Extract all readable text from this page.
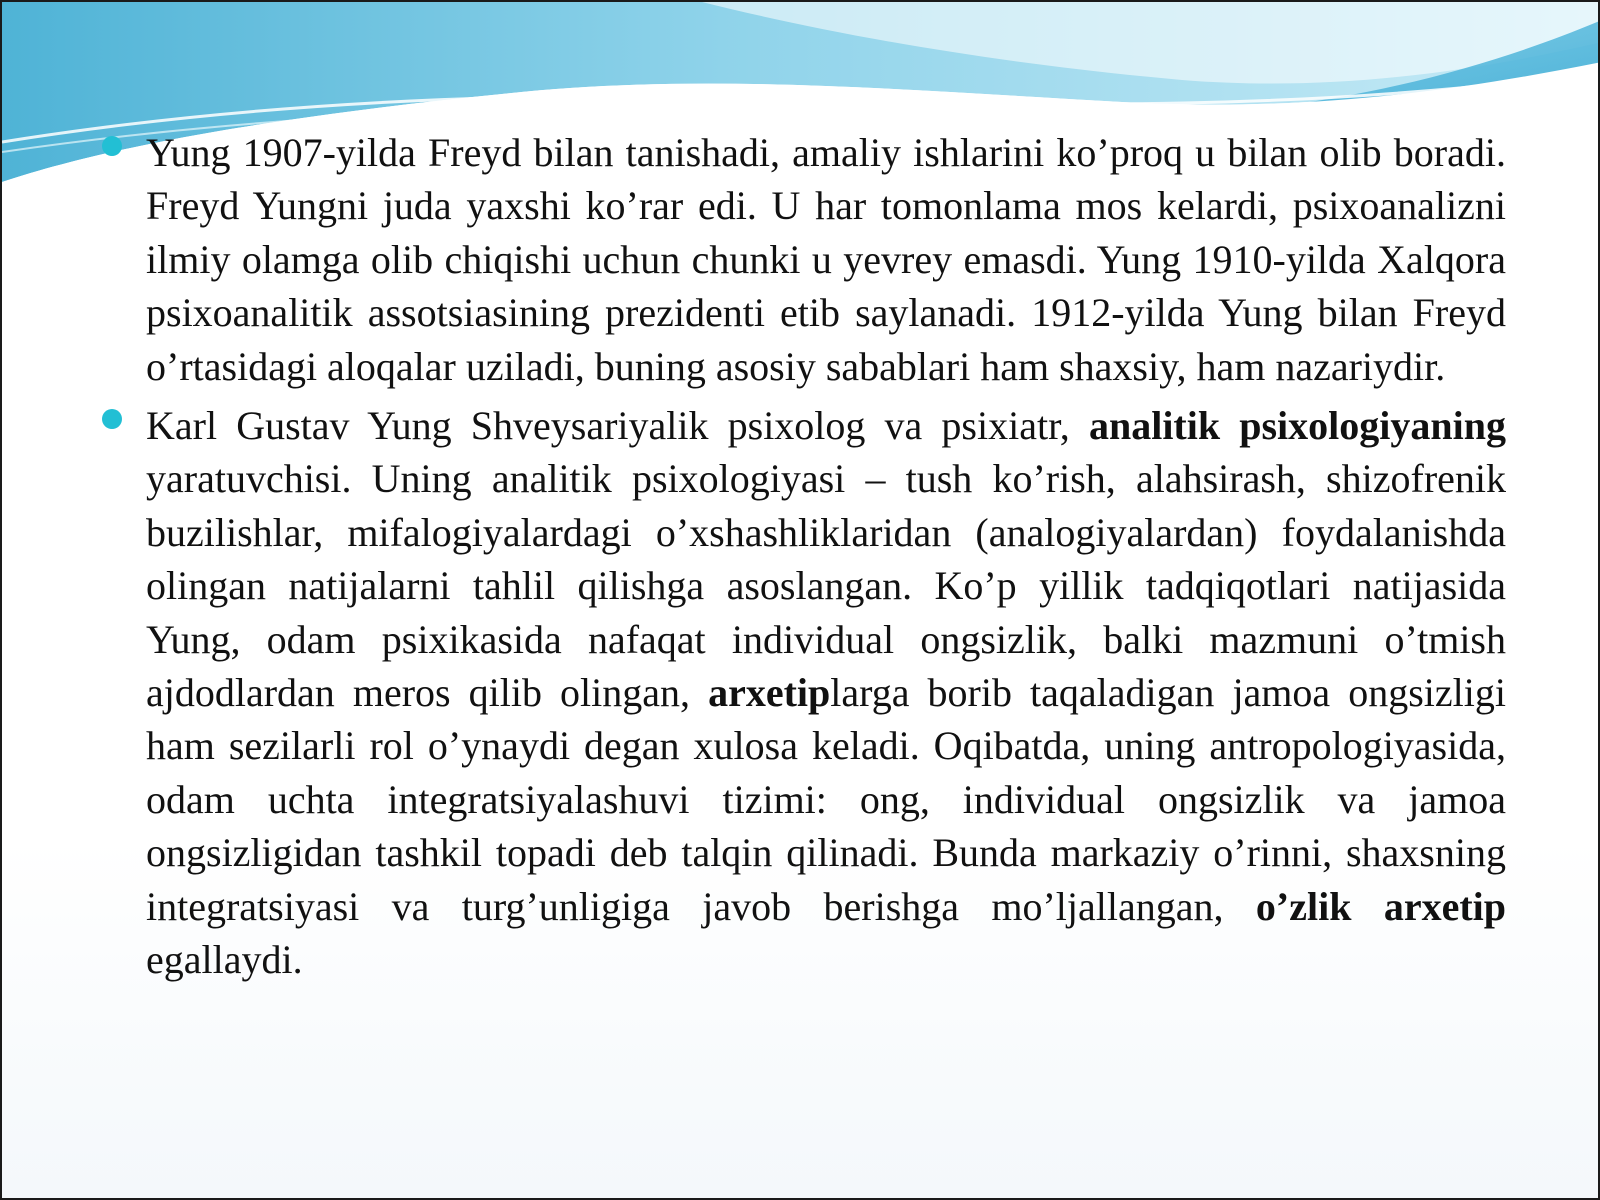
Yung 1907-yilda Freyd bilan tanishadi, amaliy ishlarini ko’proq u bilan olib boradi. Freyd Yungni juda yaxshi ko’rar edi. U har tomonlama mos kelardi, psixoanalizni ilmiy olamga olib chiqishi uchun chunki u yevrey emasdi. Yung 1910-yilda Xalqora psixoanalitik assotsiasining prezidenti etib saylanadi. 1912-yilda Yung bilan Freyd o’rtasidagi aloqalar uziladi, buning asosiy sabablari ham shaxsiy, ham nazariydir.

Karl Gustav Yung Shveysariyalik psixolog va psixiatr, analitik psixologiyaning yaratuvchisi. Uning analitik psixologiyasi – tush ko’rish, alahsirash, shizofrenik buzilishlar, mifalogiyalardagi o’xshashliklaridan (analogiyalardan) foydalanishda olingan natijalarni tahlil qilishga asoslangan. Ko’p yillik tadqiqotlari natijasida Yung, odam psixikasida nafaqat individual ongsizlik, balki mazmuni o’tmish ajdodlardan meros qilib olingan, arxetiplarga borib taqaladigan jamoa ongsizligi ham sezilarli rol o’ynaydi degan xulosa keladi. Oqibatda, uning antropologiyasida, odam uchta integratsiyalashuvi tizimi: ong, individual ongsizlik va jamoa ongsizligidan tashkil topadi deb talqin qilinadi. Bunda markaziy o’rinni, shaxsning integratsiyasi va turg’unligiga javob berishga mo’ljallangan, o’zlik arxetip egallaydi.
